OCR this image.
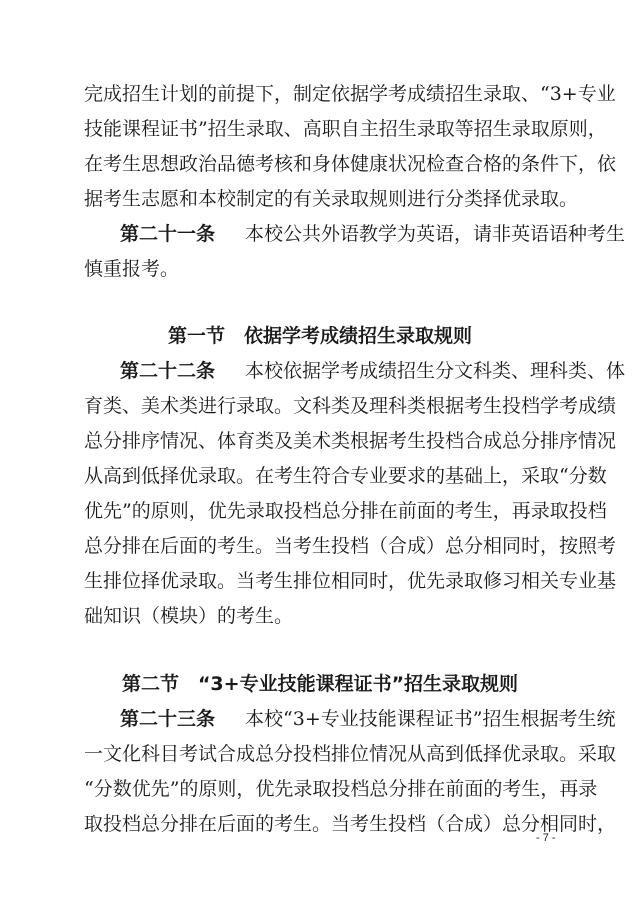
完成招生计划的前提下，制定依据学考成绩招生录取、“3+专业
技能课程证书”招生录取、高职自主招生录取等招生录取原则，
在考生思想政治品德考核和身体健康状况检查合格的条件下，依
据考生志愿和本校制定的有关录取规则进行分类择优录取。
第二十一条 本校公共外语教学为英语，请非英语语种考生
慎重报考。
第一节　依据学考成绩招生录取规则
第二十二条 本校依据学考成绩招生分文科类、理科类、体
育类、美术类进行录取。文科类及理科类根据考生投档学考成绩
总分排序情况、体育类及美术类根据考生投档合成总分排序情况
从高到低择优录取。在考生符合专业要求的基础上，采取“分数
优先”的原则，优先录取投档总分排在前面的考生，再录取投档
总分排在后面的考生。当考生投档（合成）总分相同时，按照考
生排位择优录取。当考生排位相同时，优先录取修习相关专业基
础知识（模块）的考生。
第二节　“3+专业技能课程证书”招生录取规则
第二十三条 本校“3+专业技能课程证书”招生根据考生统
一文化科目考试合成总分投档排位情况从高到低择优录取。采取
“分数优先”的原则，优先录取投档总分排在前面的考生，再录
取投档总分排在后面的考生。当考生投档（合成）总分相同时，
- 7 -
